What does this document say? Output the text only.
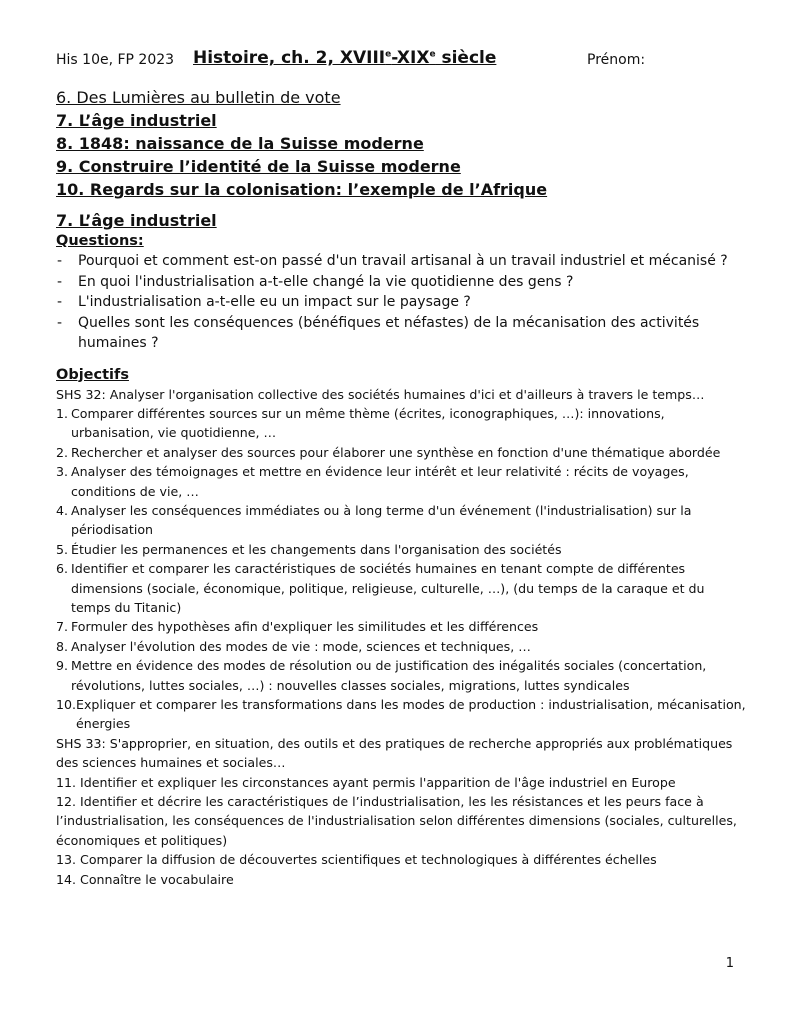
His 10e, FP 2023 Histoire, ch. 2, XVIIIe-XIXe siècle	Prénom:
6. Des Lumières au bulletin de vote
7. L’âge industriel
8. 1848: naissance de la Suisse moderne
9. Construire l’identité de la Suisse moderne
10. Regards sur la colonisation: l’exemple de l’Afrique
7. L’âge industriel
Questions:
- Pourquoi et comment est-on passé d'un travail artisanal à un travail industriel et mécanisé ?
- En quoi l'industrialisation a-t-elle changé la vie quotidienne des gens ?
- L'industrialisation a-t-elle eu un impact sur le paysage ?
- Quelles sont les conséquences (bénéfiques et néfastes) de la mécanisation des activités humaines ?
Objectifs
SHS 32: Analyser l'organisation collective des sociétés humaines d'ici et d'ailleurs à travers le temps…
1. Comparer différentes sources sur un même thème (écrites, iconographiques, …): innovations, urbanisation, vie quotidienne, …
2. Rechercher et analyser des sources pour élaborer une synthèse en fonction d'une thématique abordée
3. Analyser des témoignages et mettre en évidence leur intérêt et leur relativité : récits de voyages, conditions de vie, …
4. Analyser les conséquences immédiates ou à long terme d'un événement (l'industrialisation) sur la périodisation
5. Étudier les permanences et les changements dans l'organisation des sociétés
6. Identifier et comparer les caractéristiques de sociétés humaines en tenant compte de différentes dimensions (sociale, économique, politique, religieuse, culturelle, …), (du temps de la caraque et du temps du Titanic)
7. Formuler des hypothèses afin d'expliquer les similitudes et les différences
8. Analyser l'évolution des modes de vie : mode, sciences et techniques, …
9. Mettre en évidence des modes de résolution ou de justification des inégalités sociales (concertation, révolutions, luttes sociales, …) : nouvelles classes sociales, migrations, luttes syndicales
10. Expliquer et comparer les transformations dans les modes de production : industrialisation, mécanisation, énergies
SHS 33: S'approprier, en situation, des outils et des pratiques de recherche appropriés aux problématiques des sciences humaines et sociales…
11. Identifier et expliquer les circonstances ayant permis l'apparition de l'âge industriel en Europe
12. Identifier et décrire les caractéristiques de l’industrialisation, les les résistances et les peurs face à l’industrialisation, les conséquences de l'industrialisation selon différentes dimensions (sociales, culturelles, économiques et politiques)
13. Comparer la diffusion de découvertes scientifiques et technologiques à différentes échelles
14. Connaître le vocabulaire
1
